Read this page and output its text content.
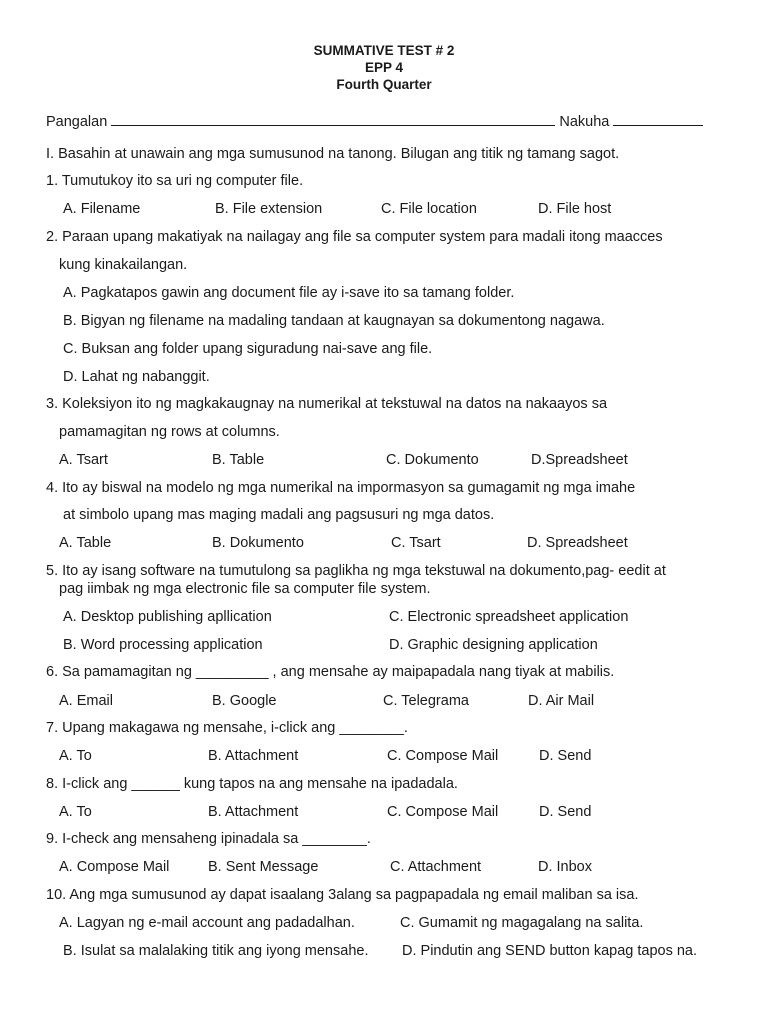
SUMMATIVE TEST # 2
EPP 4
Fourth Quarter
Pangalan	Nakuha
I. Basahin at unawain ang mga sumusunod na tanong. Bilugan ang titik ng tamang sagot.
1. Tumutukoy ito sa uri ng computer file.
A. Filename	B. File extension	C. File location	D. File host
2. Paraan upang makatiyak na nailagay ang file sa computer system para madali itong maacces
kung kinakailangan.
A. Pagkatapos gawin ang document file ay i-save ito sa tamang folder.
B. Bigyan ng filename na madaling tandaan at kaugnayan sa dokumentong nagawa.
C. Buksan ang folder upang siguradung nai-save ang file.
D. Lahat ng nabanggit.
3. Koleksiyon ito ng magkakaugnay na numerikal at tekstuwal na datos na nakaayos sa
pamamagitan ng rows at columns.
A. Tsart	B. Table	C. Dokumento	D.Spreadsheet
4. Ito ay biswal na modelo ng mga numerikal na impormasyon sa gumagamit ng mga imahe
at simbolo upang mas maging madali ang pagsusuri ng mga datos.
A. Table	B. Dokumento	C. Tsart	D. Spreadsheet
5. Ito ay isang software na tumutulong sa paglikha ng mga tekstuwal na dokumento,pag- eedit at
pag iimbak ng mga electronic file sa computer file system.
A. Desktop publishing apllication	C. Electronic spreadsheet application
B. Word processing application	D. Graphic designing application
6. Sa pamamagitan ng _________ , ang mensahe ay maipapadala nang tiyak at mabilis.
A. Email	B. Google	C. Telegrama	D. Air Mail
7. Upang makagawa ng mensahe, i-click ang ________.
A. To	B. Attachment	C. Compose Mail	D. Send
8. I-click ang ______ kung tapos na ang mensahe na ipadadala.
A. To	B. Attachment	C. Compose Mail	D. Send
9. I-check ang mensaheng ipinadala sa ________.
A. Compose Mail	B. Sent Message	C. Attachment	D. Inbox
10. Ang mga sumusunod ay dapat isaalang 3alang sa pagpapadala ng email maliban sa isa.
A. Lagyan ng e-mail account ang padadalhan.	C. Gumamit ng magagalang na salita.
B. Isulat sa malalaking titik ang iyong mensahe. D. Pindutin ang SEND button kapag tapos na.
